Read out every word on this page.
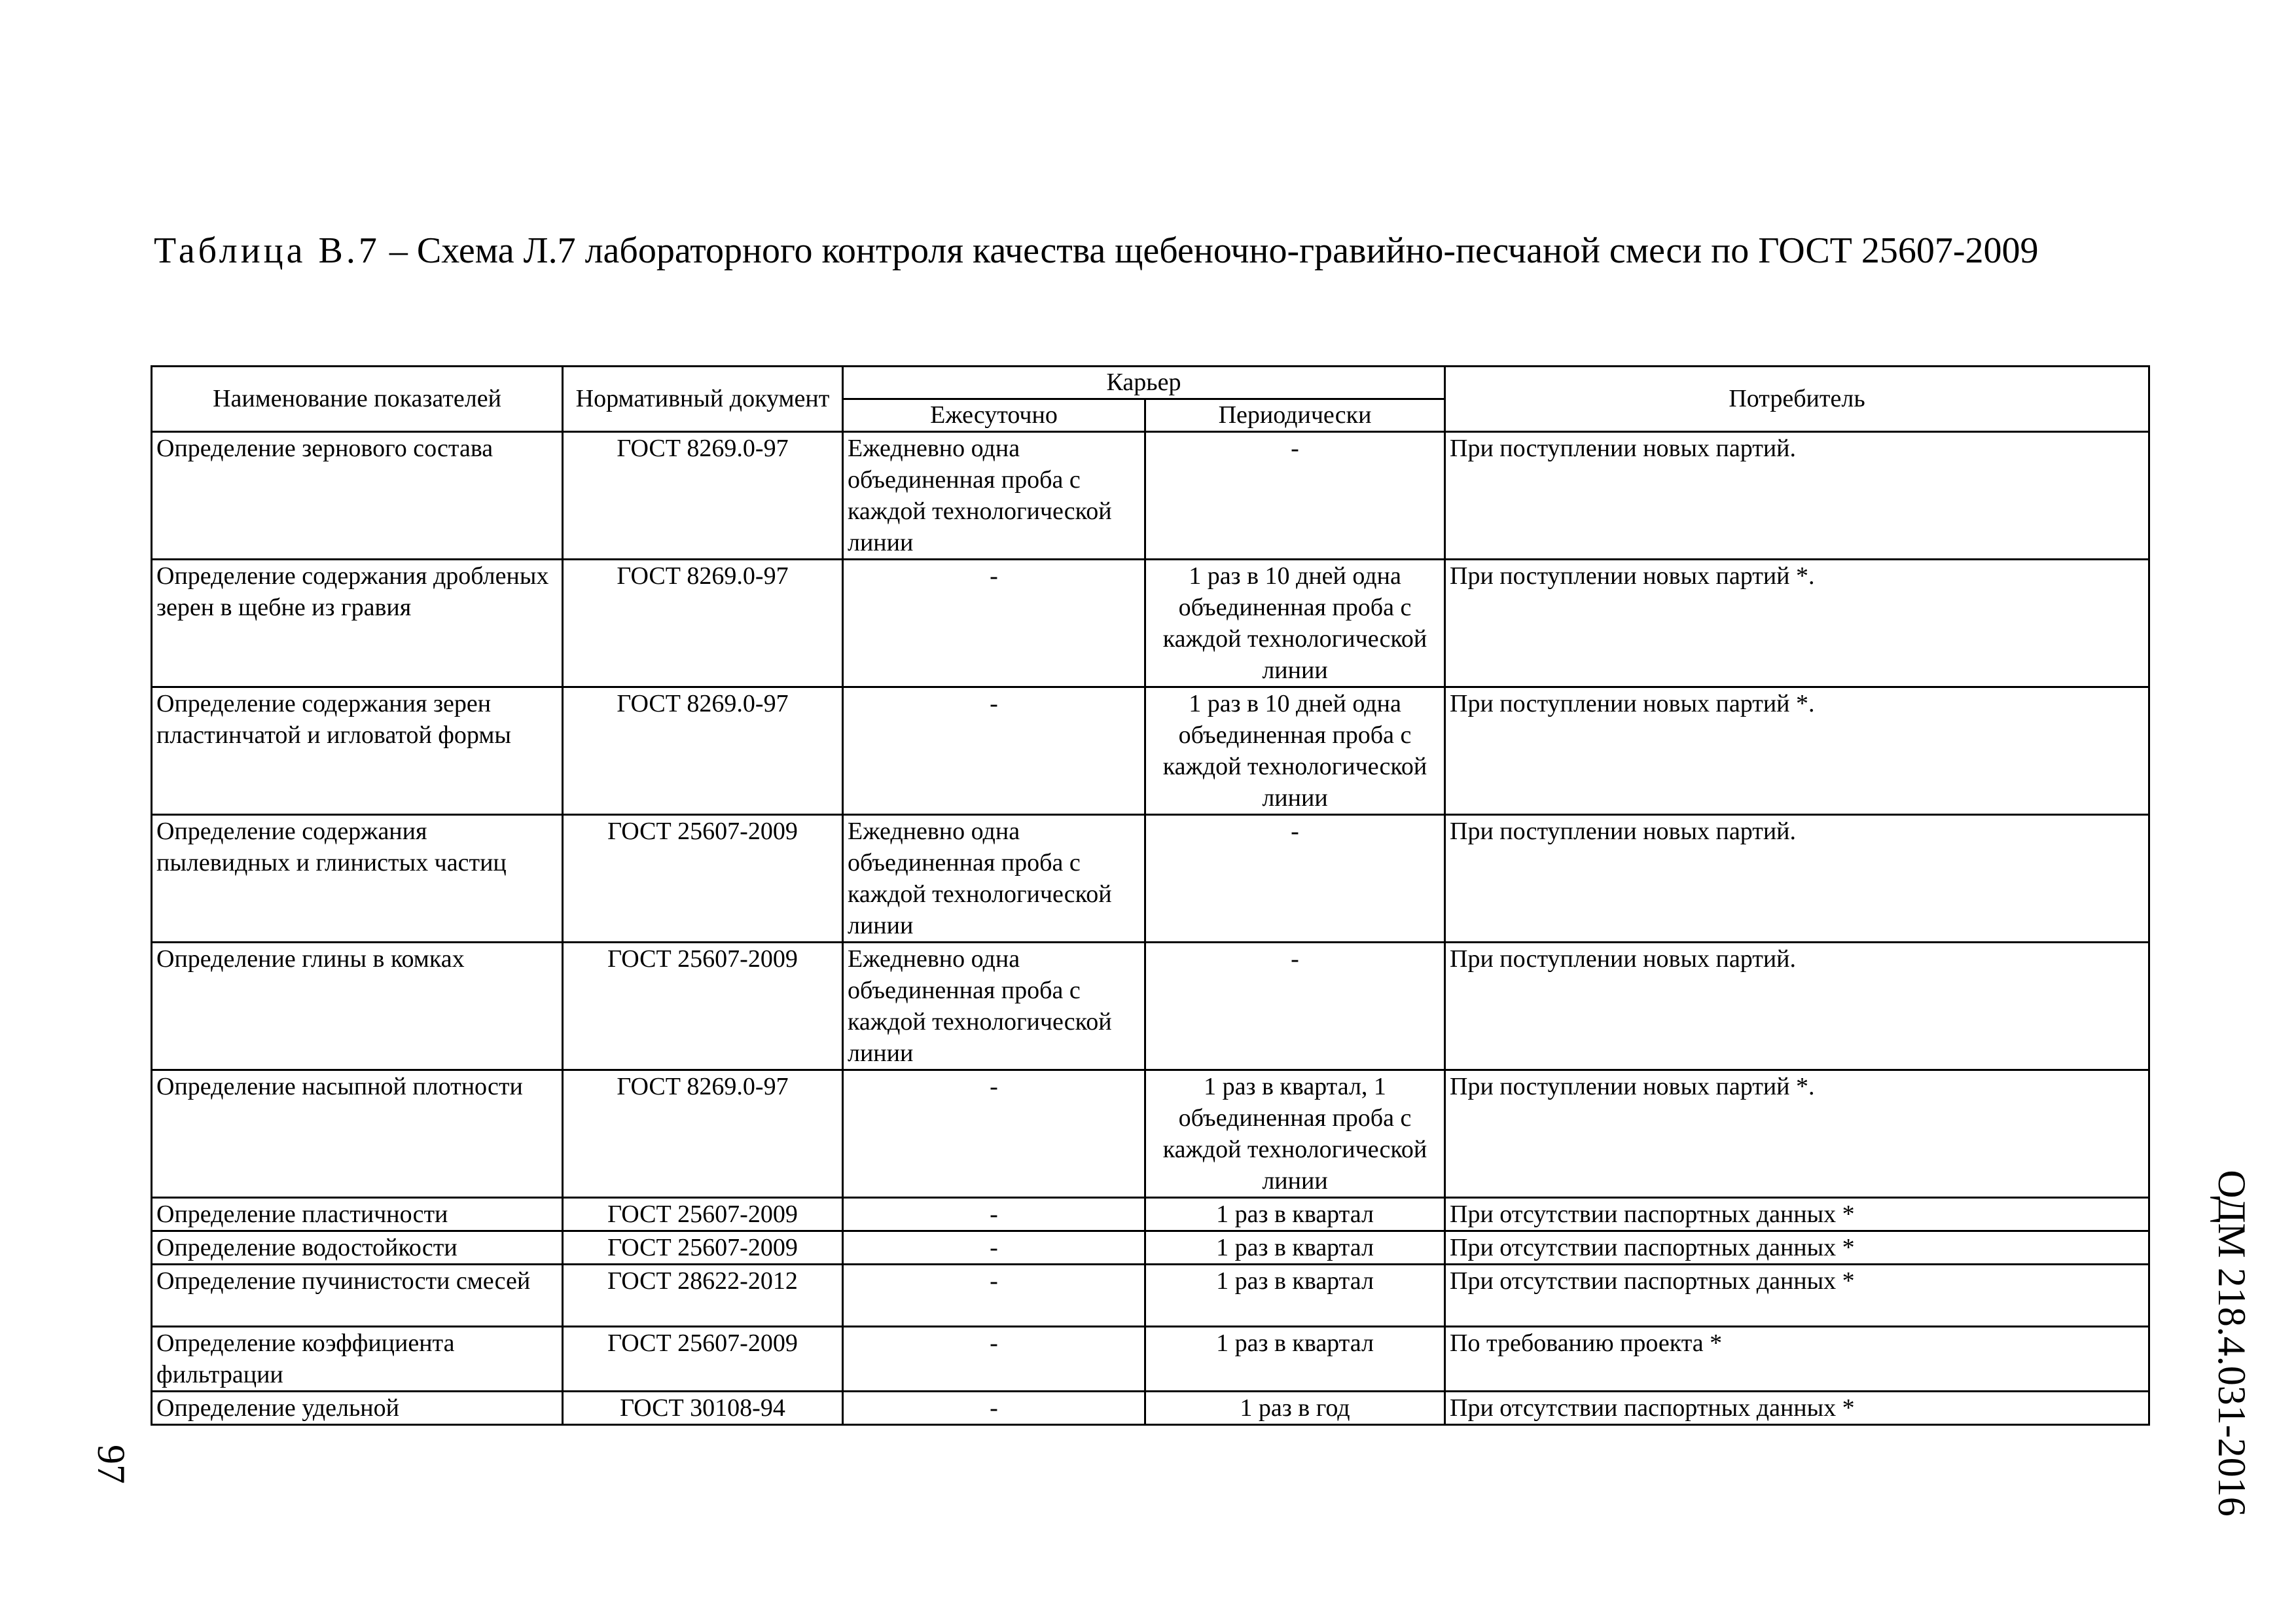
Таблица В.7 – Схема Л.7 лабораторного контроля качества щебеночно-гравийно-песчаной смеси по ГОСТ 25607-2009
Наименование показателей	Нормативный документ	Карьер		Потребитель
		Ежесуточно	Периодически	
Определение зернового состава	ГОСТ 8269.0-97	Ежедневно одна объединенная проба с каждой технологической линии	-	При поступлении новых партий.
Определение содержания дробленых зерен в щебне из гравия	ГОСТ 8269.0-97	-	1 раз в 10 дней одна объединенная проба с каждой технологической линии	При поступлении новых партий *.
Определение содержания зерен пластинчатой и игловатой формы	ГОСТ 8269.0-97	-	1 раз в 10 дней одна объединенная проба с каждой технологической линии	При поступлении новых партий *.
Определение содержания пылевидных и глинистых частиц	ГОСТ 25607-2009	Ежедневно одна объединенная проба с каждой технологической линии	-	При поступлении новых партий.
Определение глины в комках	ГОСТ 25607-2009	Ежедневно одна объединенная проба с каждой технологической линии	-	При поступлении новых партий.
Определение насыпной плотности	ГОСТ 8269.0-97	-	1 раз в квартал, 1 объединенная проба с каждой технологической линии	При поступлении новых партий *.
Определение пластичности	ГОСТ 25607-2009	-	1 раз в квартал	При отсутствии паспортных данных *
Определение водостойкости	ГОСТ 25607-2009	-	1 раз в квартал	При отсутствии паспортных данных *
Определение пучинистости смесей	ГОСТ 28622-2012	-	1 раз в квартал	При отсутствии паспортных данных *
Определение коэффициента фильтрации	ГОСТ 25607-2009	-	1 раз в квартал	По требованию проекта *
Определение удельной	ГОСТ 30108-94	-	1 раз в год	При отсутствии паспортных данных *
97	ОДМ 218.4.031-2016
